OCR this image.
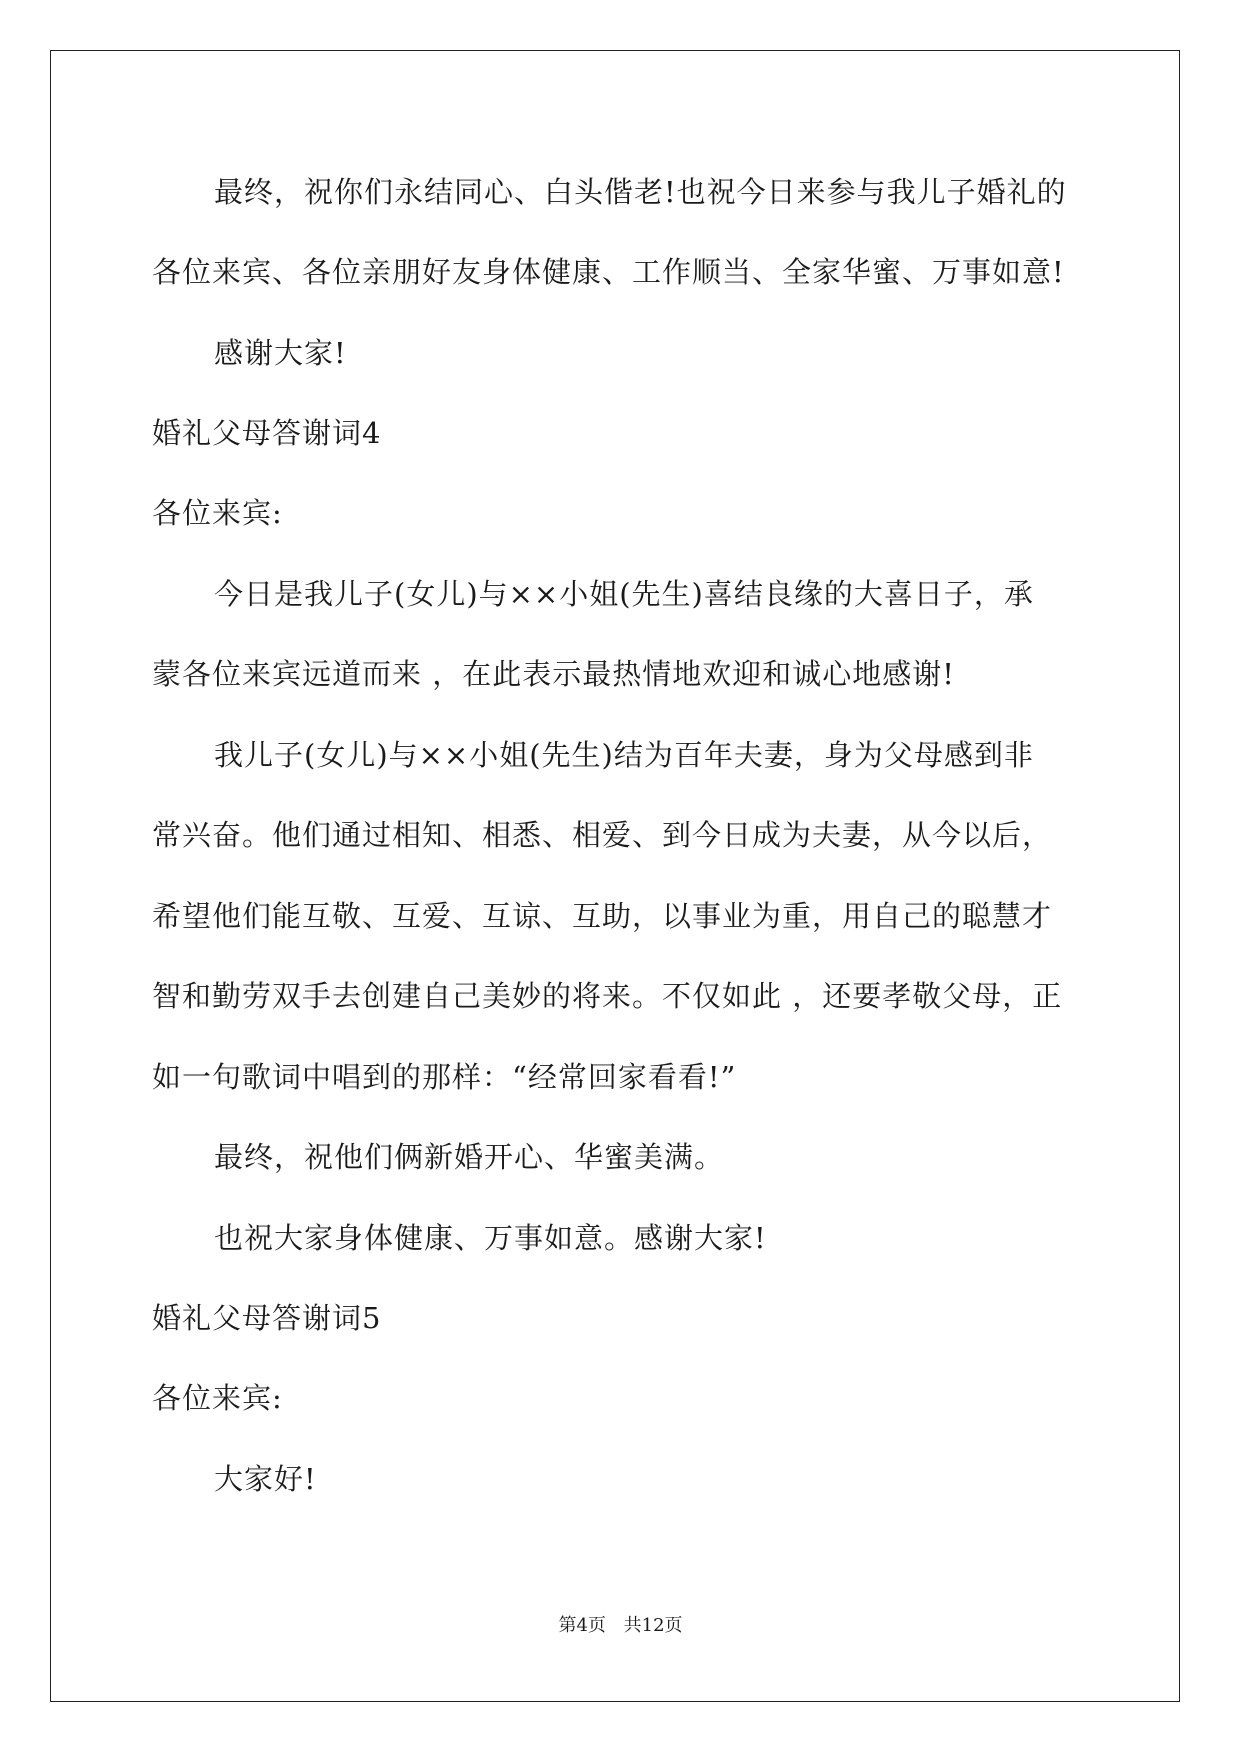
最终，祝你们永结同心、白头偕老!也祝今日来参与我儿子婚礼的
各位来宾、各位亲朋好友身体健康、工作顺当、全家华蜜、万事如意!
感谢大家!
婚礼父母答谢词4
各位来宾:
今日是我儿子(女儿)与××小姐(先生)喜结良缘的大喜日子，承
蒙各位来宾远道而来 ，在此表示最热情地欢迎和诚心地感谢!
我儿子(女儿)与××小姐(先生)结为百年夫妻，身为父母感到非
常兴奋。他们通过相知、相悉、相爱、到今日成为夫妻，从今以后，
希望他们能互敬、互爱、互谅、互助，以事业为重，用自己的聪慧才
智和勤劳双手去创建自己美妙的将来。不仅如此 ，还要孝敬父母，正
如一句歌词中唱到的那样：“经常回家看看!”
最终，祝他们俩新婚开心、华蜜美满。
也祝大家身体健康、万事如意。感谢大家!
婚礼父母答谢词5
各位来宾:
大家好!
第4页 共12页
